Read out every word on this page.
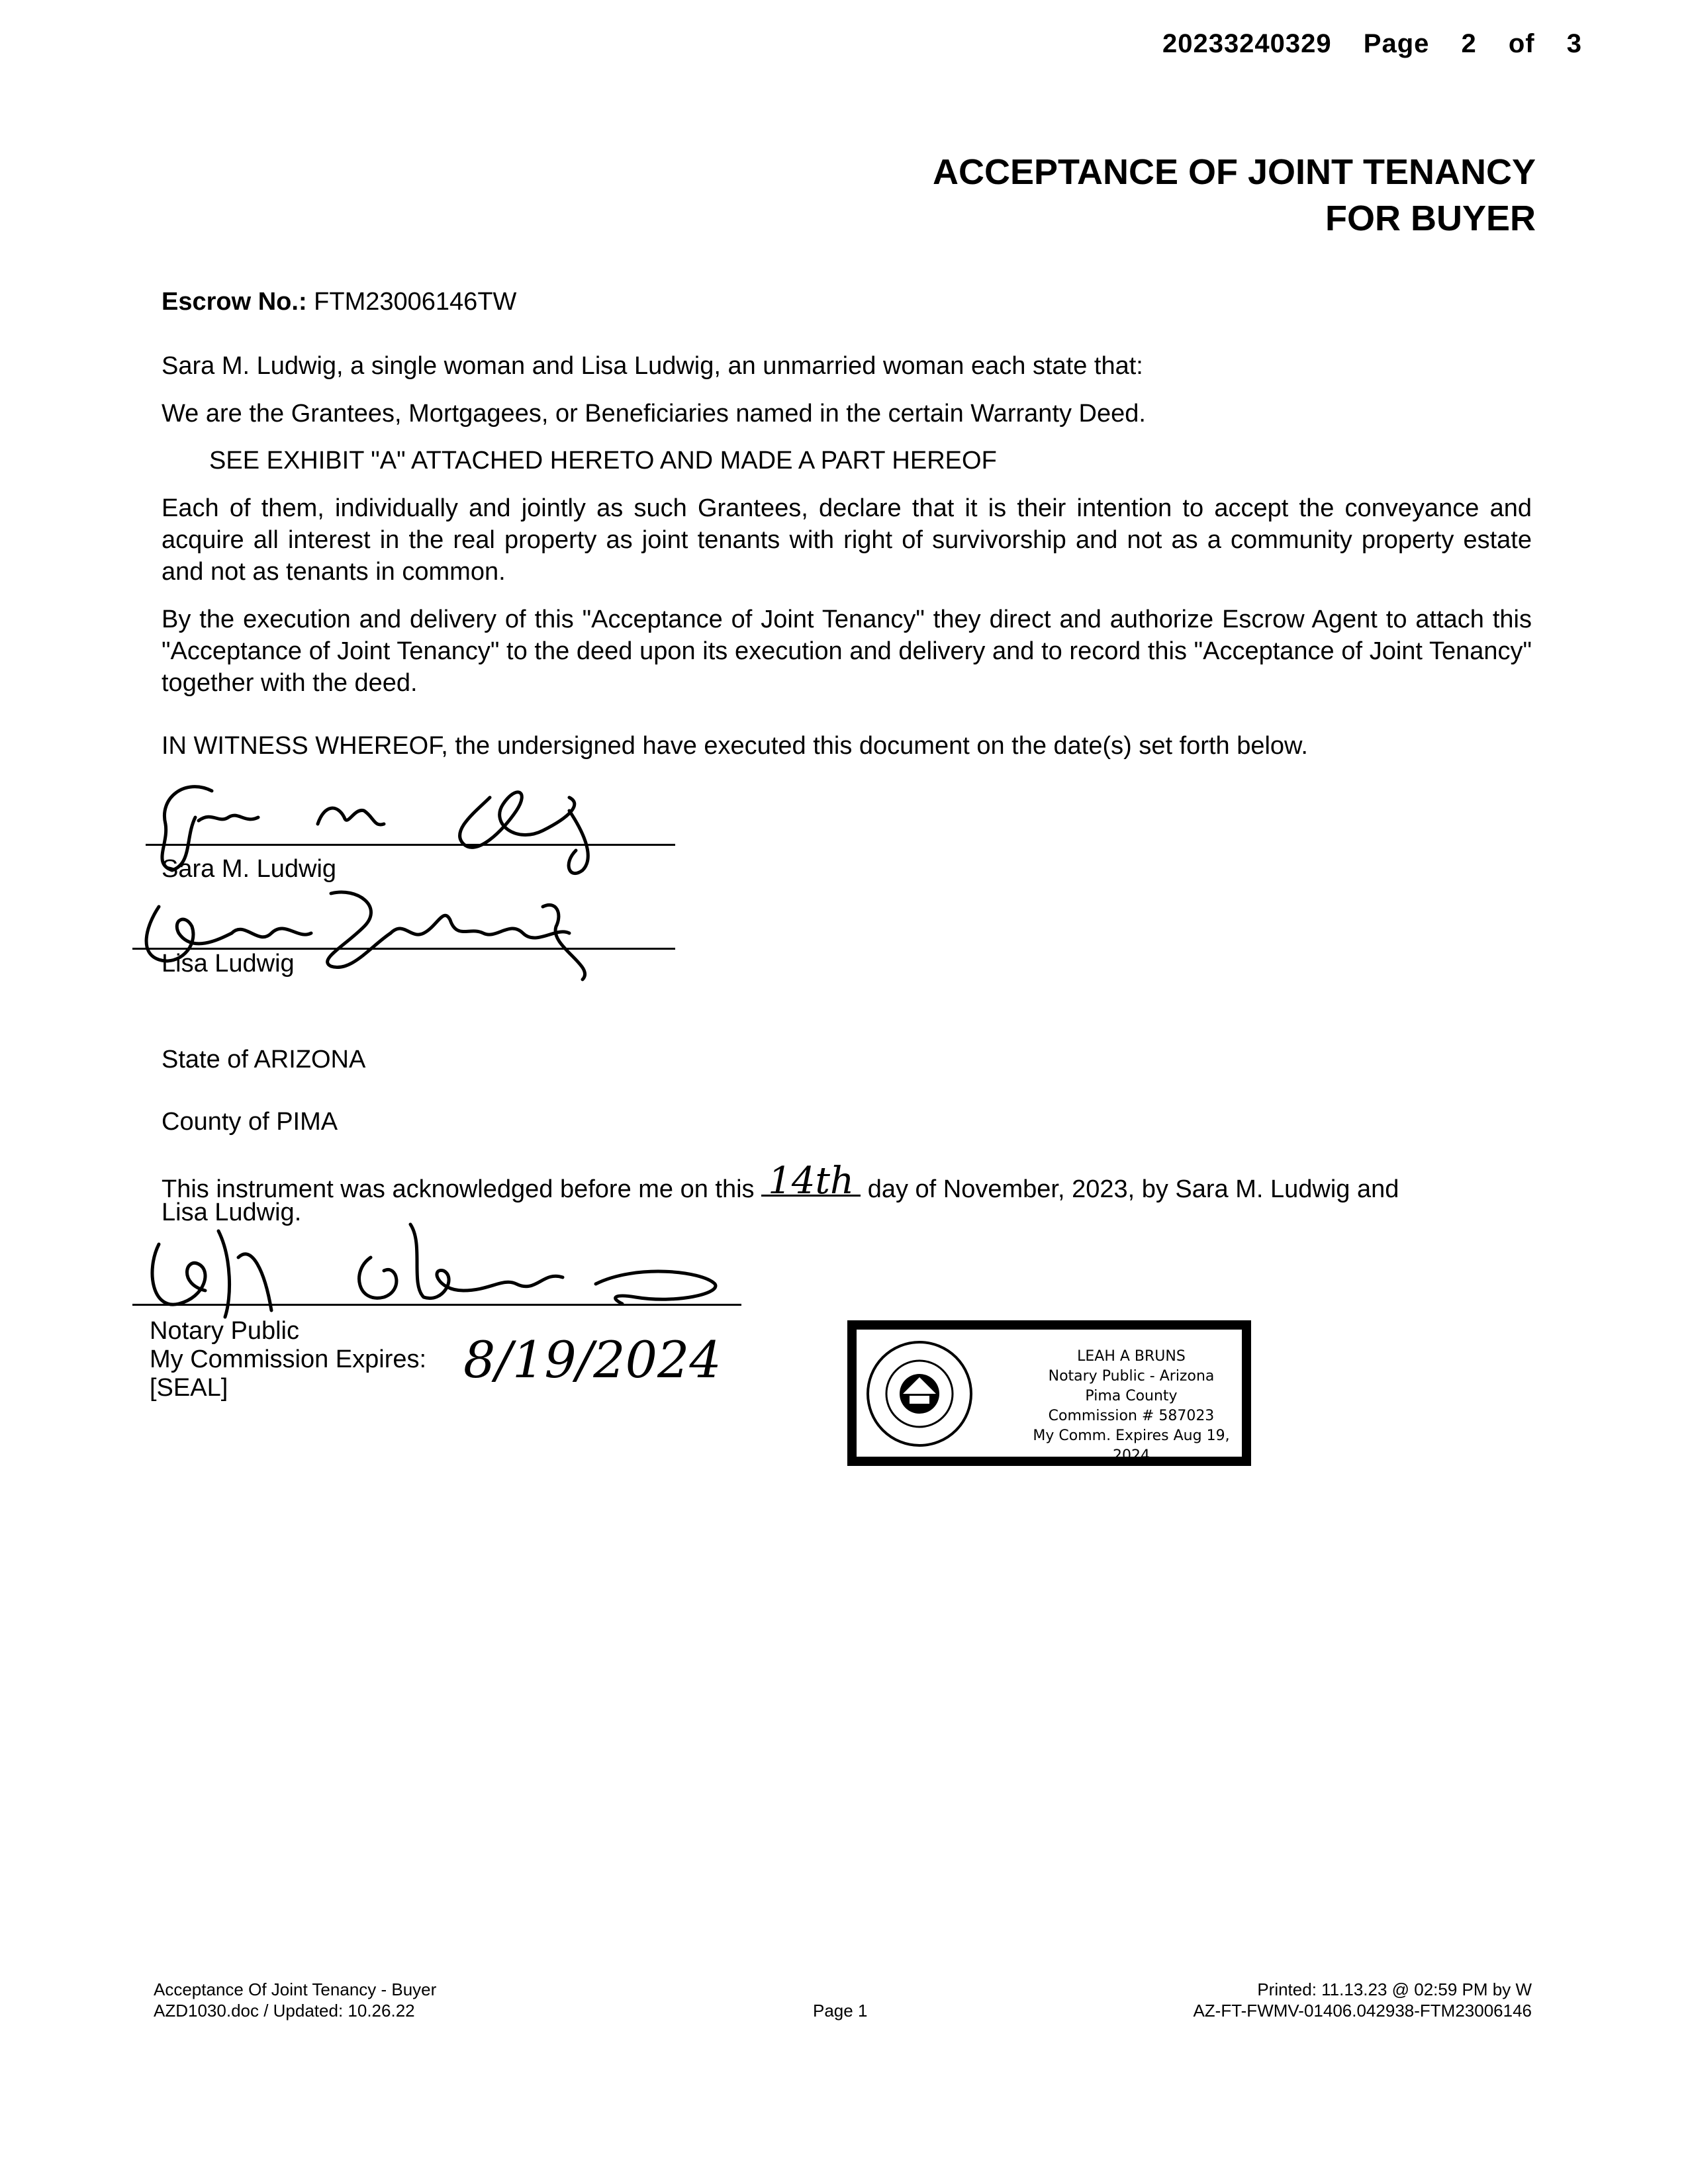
20233240329 Page 2 of 3
ACCEPTANCE OF JOINT TENANCY
FOR BUYER
Escrow No.: FTM23006146TW
Sara M. Ludwig, a single woman and Lisa Ludwig, an unmarried woman each state that:
We are the Grantees, Mortgagees, or Beneficiaries named in the certain Warranty Deed.
SEE EXHIBIT "A" ATTACHED HERETO AND MADE A PART HEREOF
Each of them, individually and jointly as such Grantees, declare that it is their intention to accept the conveyance and acquire all interest in the real property as joint tenants with right of survivorship and not as a community property estate and not as tenants in common.
By the execution and delivery of this "Acceptance of Joint Tenancy" they direct and authorize Escrow Agent to attach this "Acceptance of Joint Tenancy" to the deed upon its execution and delivery and to record this "Acceptance of Joint Tenancy" together with the deed.
IN WITNESS WHEREOF, the undersigned have executed this document on the date(s) set forth below.
Sara M. Ludwig
Lisa Ludwig
State of ARIZONA
County of PIMA
This instrument was acknowledged before me on this 14th day of November, 2023, by Sara M. Ludwig and
Lisa Ludwig.
Notary Public
My Commission Expires: 8/19/2024
[SEAL]
LEAH A BRUNS
Notary Public - Arizona
Pima County
Commission # 587023
My Comm. Expires Aug 19, 2024
Acceptance Of Joint Tenancy - Buyer
AZD1030.doc / Updated: 10.26.22	Page 1
Printed: 11.13.23 @ 02:59 PM by W
AZ-FT-FWMV-01406.042938-FTM23006146
